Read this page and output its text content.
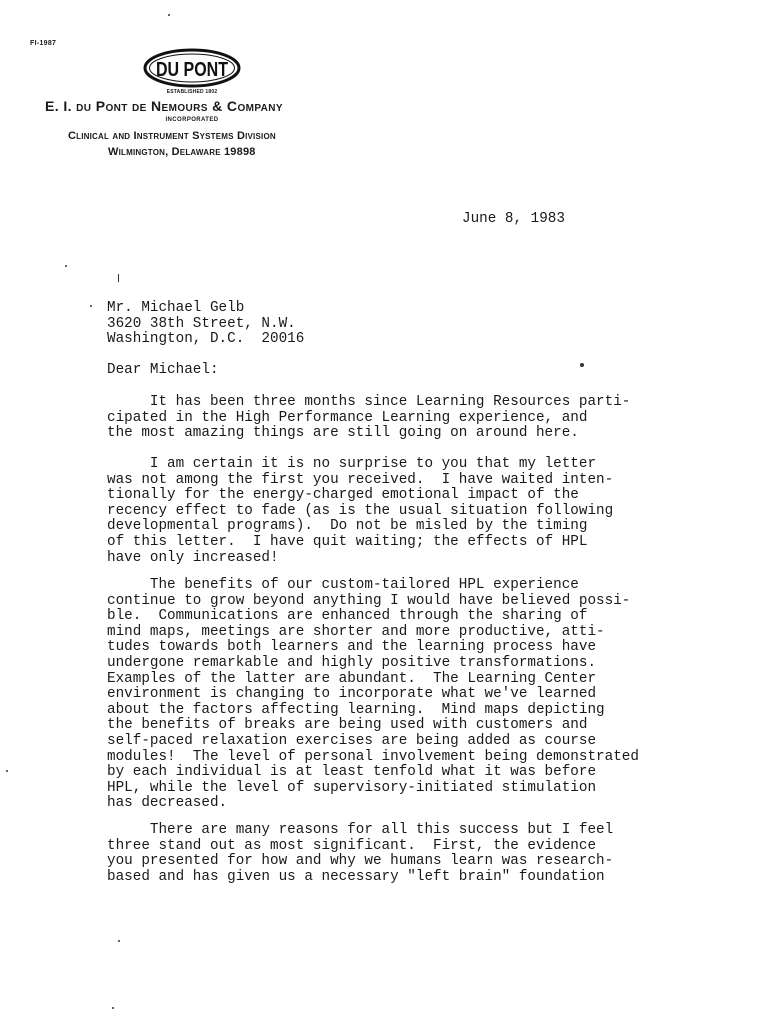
FI-1987
DU PONT
ESTABLISHED 1802
E. I. du Pont de Nemours & Company
INCORPORATED
Clinical and Instrument Systems Division
Wilmington, Delaware 19898
June 8, 1983
Mr. Michael Gelb
3620 38th Street, N.W.
Washington, D.C.  20016
Dear Michael:
It has been three months since Learning Resources parti-
cipated in the High Performance Learning experience, and
the most amazing things are still going on around here.
I am certain it is no surprise to you that my letter
was not among the first you received.  I have waited inten-
tionally for the energy-charged emotional impact of the
recency effect to fade (as is the usual situation following
developmental programs).  Do not be misled by the timing
of this letter.  I have quit waiting; the effects of HPL
have only increased!
The benefits of our custom-tailored HPL experience
continue to grow beyond anything I would have believed possi-
ble.  Communications are enhanced through the sharing of
mind maps, meetings are shorter and more productive, atti-
tudes towards both learners and the learning process have
undergone remarkable and highly positive transformations.
Examples of the latter are abundant.  The Learning Center
environment is changing to incorporate what we've learned
about the factors affecting learning.  Mind maps depicting
the benefits of breaks are being used with customers and
self-paced relaxation exercises are being added as course
modules!  The level of personal involvement being demonstrated
by each individual is at least tenfold what it was before
HPL, while the level of supervisory-initiated stimulation
has decreased.
There are many reasons for all this success but I feel
three stand out as most significant.  First, the evidence
you presented for how and why we humans learn was research-
based and has given us a necessary "left brain" foundation
